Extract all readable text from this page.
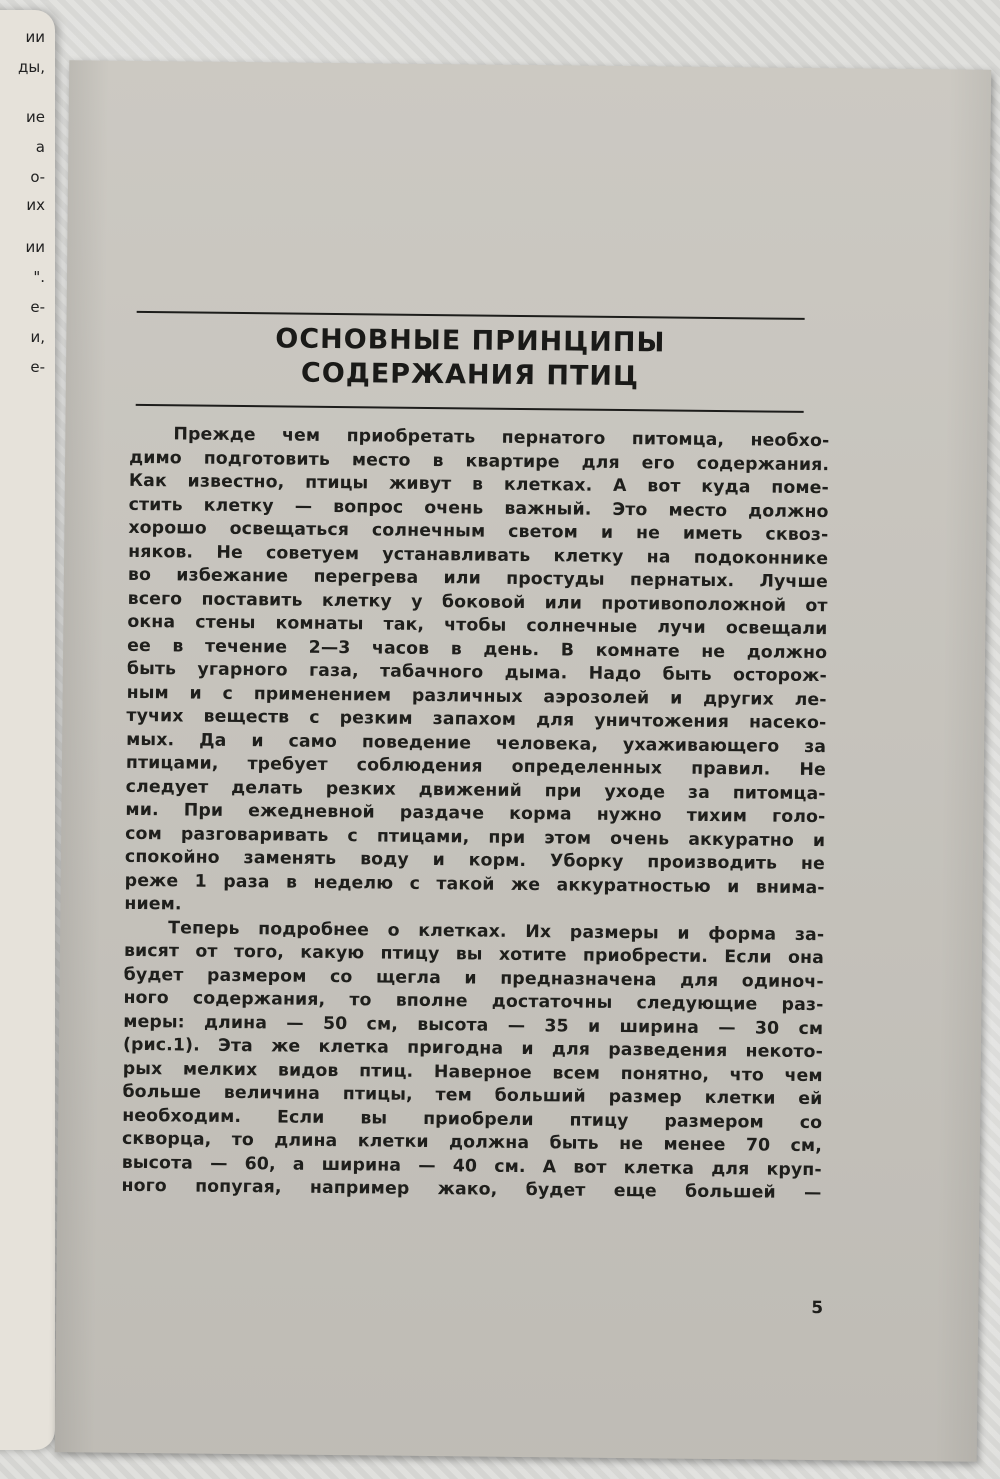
ии
ды,
ие
а
о-
их
ии
".
е-
и,
е-
ОСНОВНЫЕ ПРИНЦИПЫ
СОДЕРЖАНИЯ ПТИЦ
Прежде чем приобретать пернатого питомца, необхо-
димо подготовить место в квартире для его содержания.
Как известно, птицы живут в клетках. А вот куда поме-
стить клетку — вопрос очень важный. Это место должно
хорошо освещаться солнечным светом и не иметь сквоз-
няков. Не советуем устанавливать клетку на подоконнике
во избежание перегрева или простуды пернатых. Лучше
всего поставить клетку у боковой или противоположной от
окна стены комнаты так, чтобы солнечные лучи освещали
ее в течение 2—3 часов в день. В комнате не должно
быть угарного газа, табачного дыма. Надо быть осторож-
ным и с применением различных аэрозолей и других ле-
тучих веществ с резким запахом для уничтожения насеко-
мых. Да и само поведение человека, ухаживающего за
птицами, требует соблюдения определенных правил. Не
следует делать резких движений при уходе за питомца-
ми. При ежедневной раздаче корма нужно тихим голо-
сом разговаривать с птицами, при этом очень аккуратно и
спокойно заменять воду и корм. Уборку производить не
реже 1 раза в неделю с такой же аккуратностью и внима-
нием.
Теперь подробнее о клетках. Их размеры и форма за-
висят от того, какую птицу вы хотите приобрести. Если она
будет размером со щегла и предназначена для одиноч-
ного содержания, то вполне достаточны следующие раз-
меры: длина — 50 см, высота — 35 и ширина — 30 см
(рис.1). Эта же клетка пригодна и для разведения некото-
рых мелких видов птиц. Наверное всем понятно, что чем
больше величина птицы, тем больший размер клетки ей
необходим. Если вы приобрели птицу размером со
скворца, то длина клетки должна быть не менее 70 см,
высота — 60, а ширина — 40 см. А вот клетка для круп-
ного попугая, например жако, будет еще большей —
5
